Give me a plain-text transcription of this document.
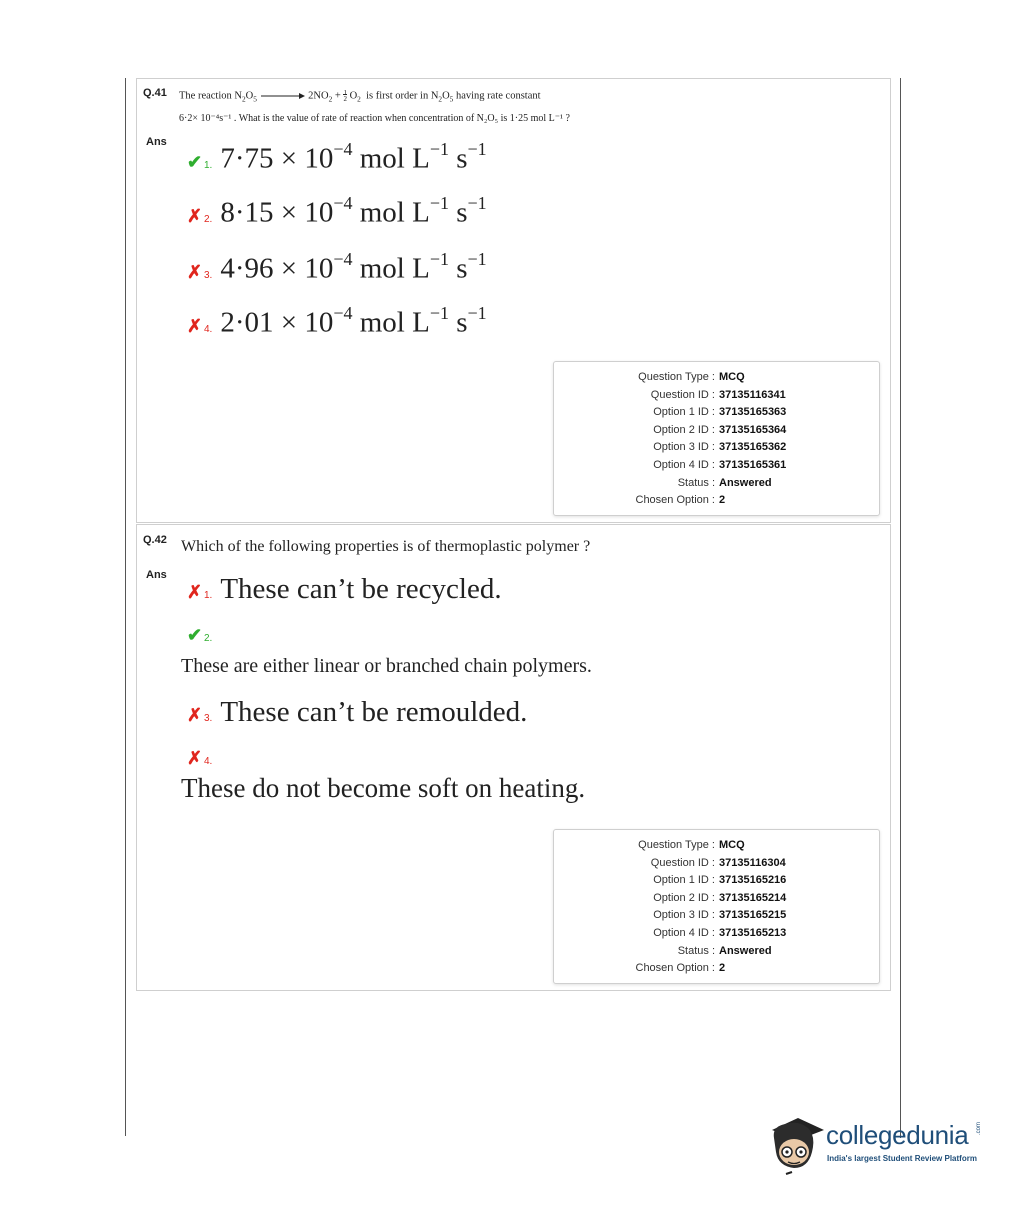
Q.41 The reaction $N_2O_5$	$2NO_2 + 1$
2 $O_2$ is first order in $N_2O_5$ having rate constant
6·2× 10⁻⁴s⁻¹ . What is the value of rate of reaction when concentration of N₂O₅ is 1·25 mol L⁻¹ ?
Ans
✔ 1. $7\cdot 75 \times 10^{-4}$ mol $L^{-1}$ $s^{-1}$
✗ 2. $8\cdot 15 \times 10^{-4}$ mol $L^{-1}$ $s^{-1}$
✗ 3. $4\cdot 96 \times 10^{-4}$ mol $L^{-1}$ $s^{-1}$
✗ 4. $2\cdot 01 \times 10^{-4}$ mol $L^{-1}$ $s^{-1}$
Question Type : MCQ
Question ID : 37135116341
Option 1 ID : 37135165363
Option 2 ID : 37135165364
Option 3 ID : 37135165362
Option 4 ID : 37135165361
Status : Answered
Chosen Option : 2
Q.42 Which of the following properties is of thermoplastic polymer ?
Ans
✗ 1. These can’t be recycled.
✔ 2.
These are either linear or branched chain polymers.
✗ 3. These can’t be remoulded.
✗ 4.
These do not become soft on heating.
Question Type : MCQ
Question ID : 37135116304
Option 1 ID : 37135165216
Option 2 ID : 37135165214
Option 3 ID : 37135165215
Option 4 ID : 37135165213
Status : Answered
Chosen Option : 2
collegedunia .com
India's largest Student Review Platform
